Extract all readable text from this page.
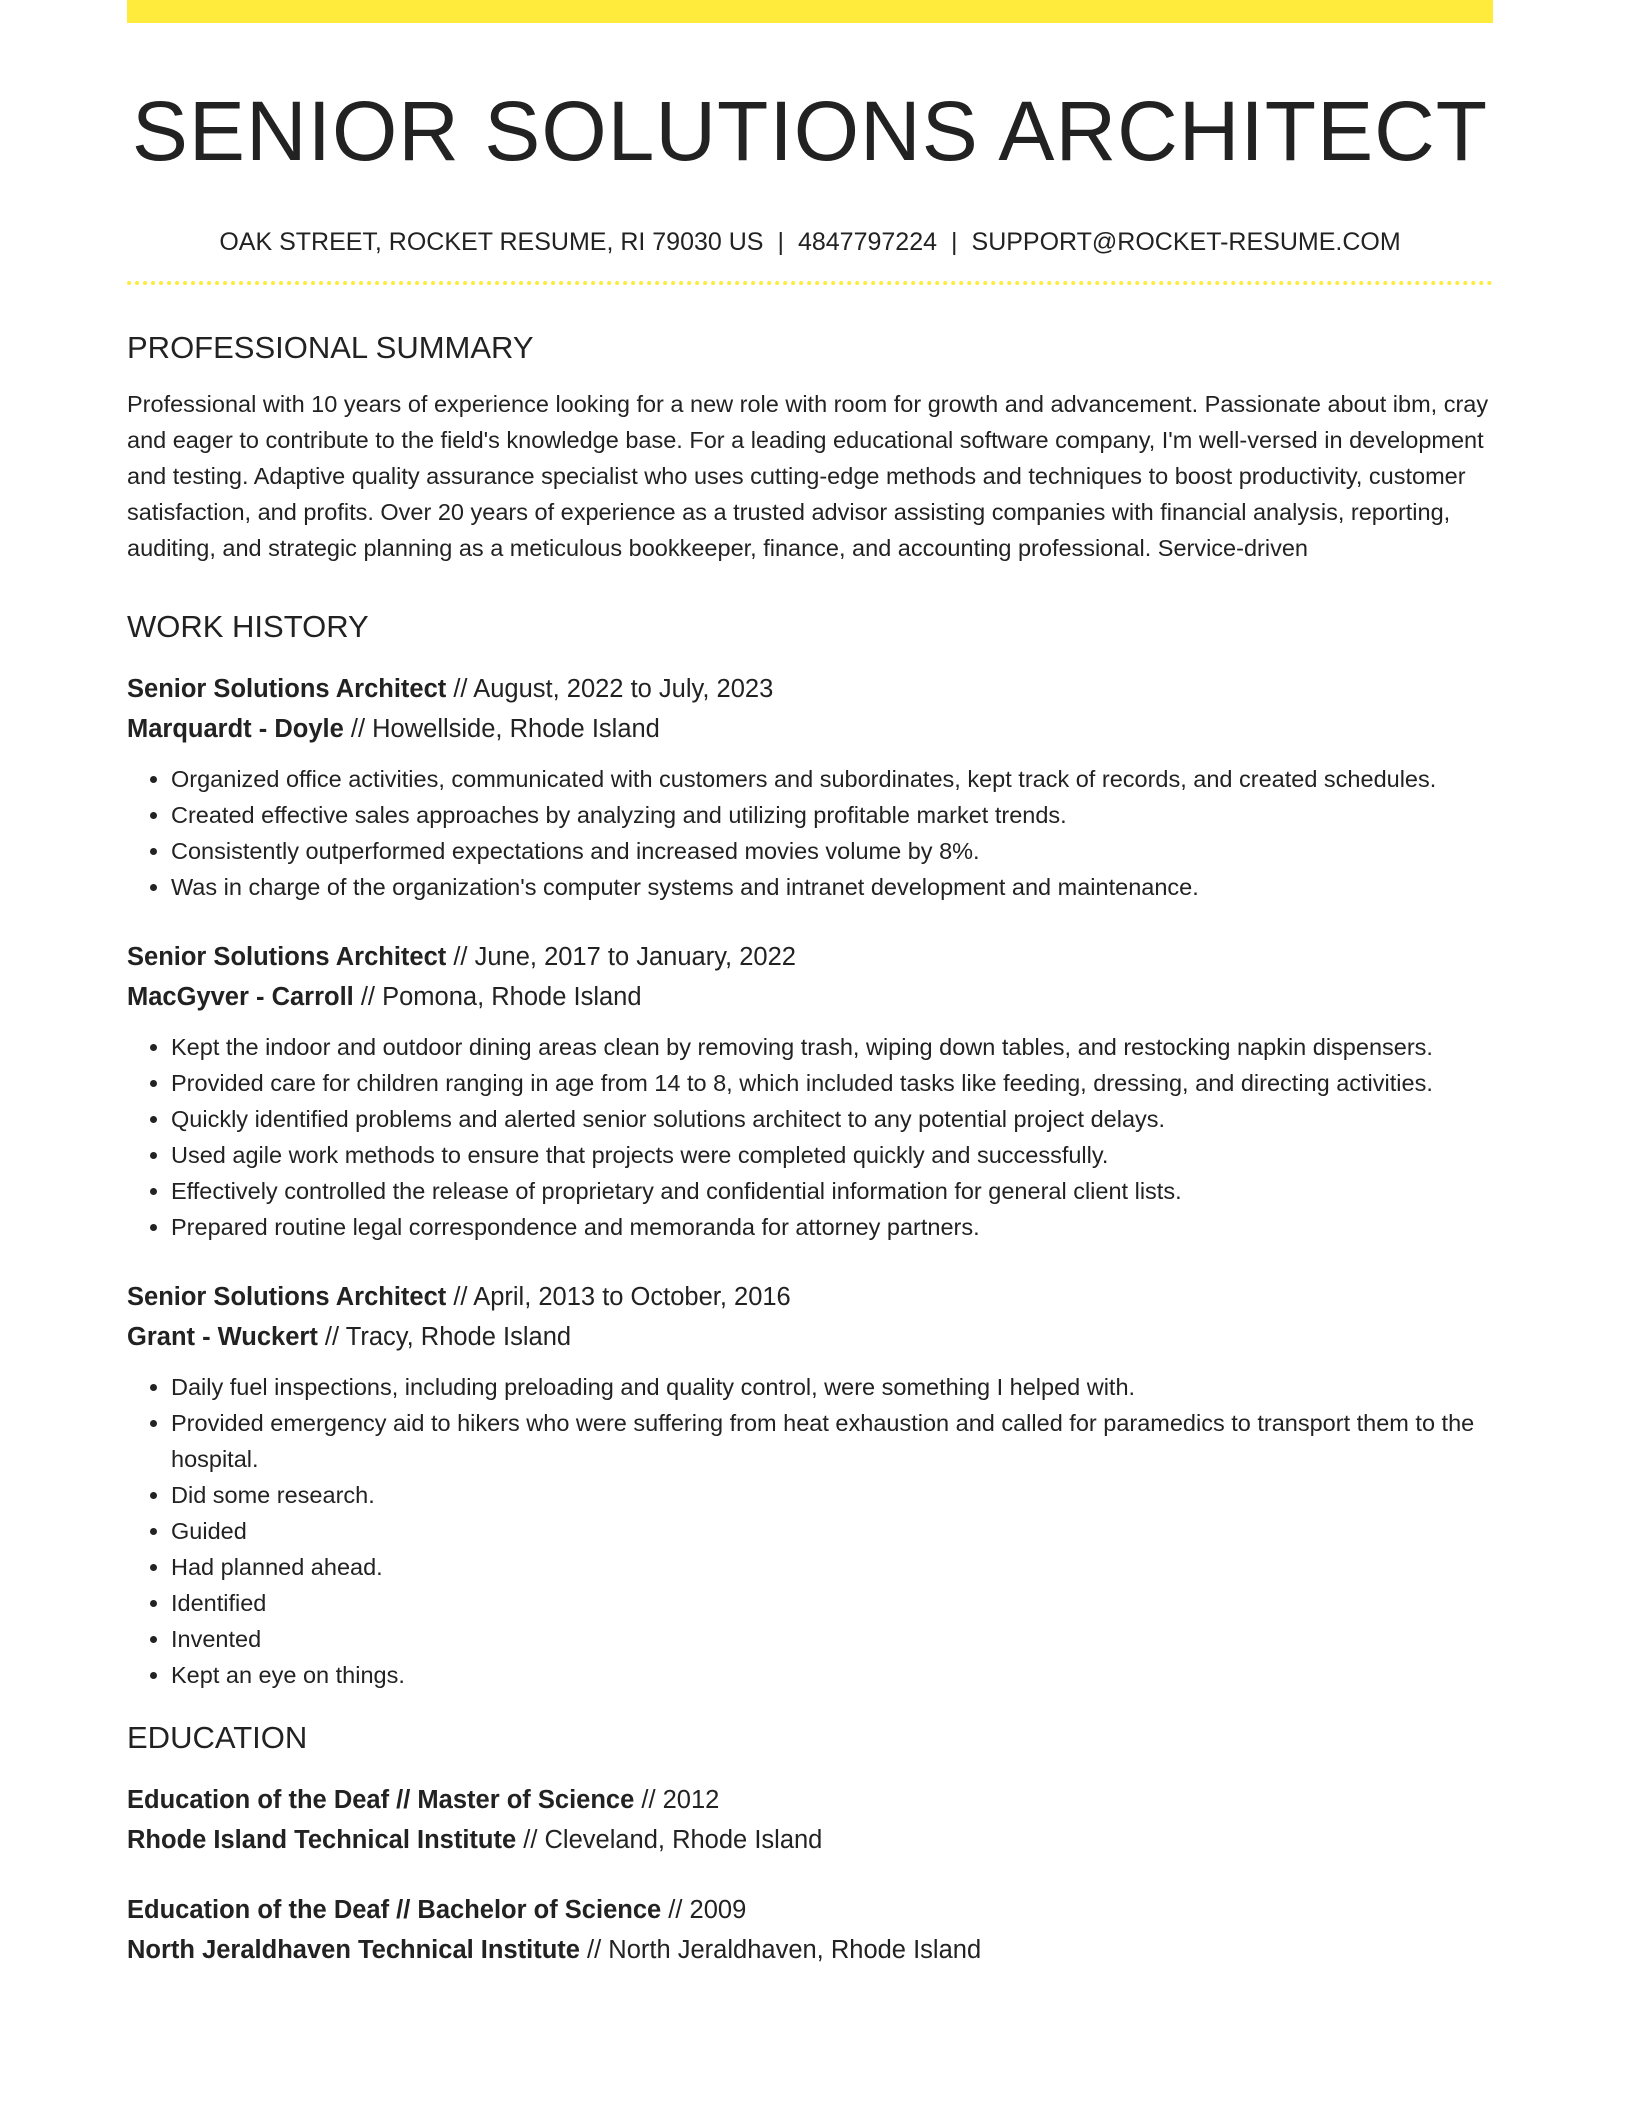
SENIOR SOLUTIONS ARCHITECT
OAK STREET, ROCKET RESUME, RI 79030 US | 4847797224 | SUPPORT@ROCKET-RESUME.COM
PROFESSIONAL SUMMARY
Professional with 10 years of experience looking for a new role with room for growth and advancement. Passionate about ibm, cray and eager to contribute to the field's knowledge base. For a leading educational software company, I'm well-versed in development and testing. Adaptive quality assurance specialist who uses cutting-edge methods and techniques to boost productivity, customer satisfaction, and profits. Over 20 years of experience as a trusted advisor assisting companies with financial analysis, reporting, auditing, and strategic planning as a meticulous bookkeeper, finance, and accounting professional. Service-driven
WORK HISTORY
Senior Solutions Architect // August, 2022 to July, 2023
Marquardt - Doyle // Howellside, Rhode Island
• Organized office activities, communicated with customers and subordinates, kept track of records, and created schedules.
• Created effective sales approaches by analyzing and utilizing profitable market trends.
• Consistently outperformed expectations and increased movies volume by 8%.
• Was in charge of the organization's computer systems and intranet development and maintenance.
Senior Solutions Architect // June, 2017 to January, 2022
MacGyver - Carroll // Pomona, Rhode Island
• Kept the indoor and outdoor dining areas clean by removing trash, wiping down tables, and restocking napkin dispensers.
• Provided care for children ranging in age from 14 to 8, which included tasks like feeding, dressing, and directing activities.
• Quickly identified problems and alerted senior solutions architect to any potential project delays.
• Used agile work methods to ensure that projects were completed quickly and successfully.
• Effectively controlled the release of proprietary and confidential information for general client lists.
• Prepared routine legal correspondence and memoranda for attorney partners.
Senior Solutions Architect // April, 2013 to October, 2016
Grant - Wuckert // Tracy, Rhode Island
• Daily fuel inspections, including preloading and quality control, were something I helped with.
• Provided emergency aid to hikers who were suffering from heat exhaustion and called for paramedics to transport them to the hospital.
• Did some research.
• Guided
• Had planned ahead.
• Identified
• Invented
• Kept an eye on things.
EDUCATION
Education of the Deaf // Master of Science // 2012
Rhode Island Technical Institute // Cleveland, Rhode Island
Education of the Deaf // Bachelor of Science // 2009
North Jeraldhaven Technical Institute // North Jeraldhaven, Rhode Island
